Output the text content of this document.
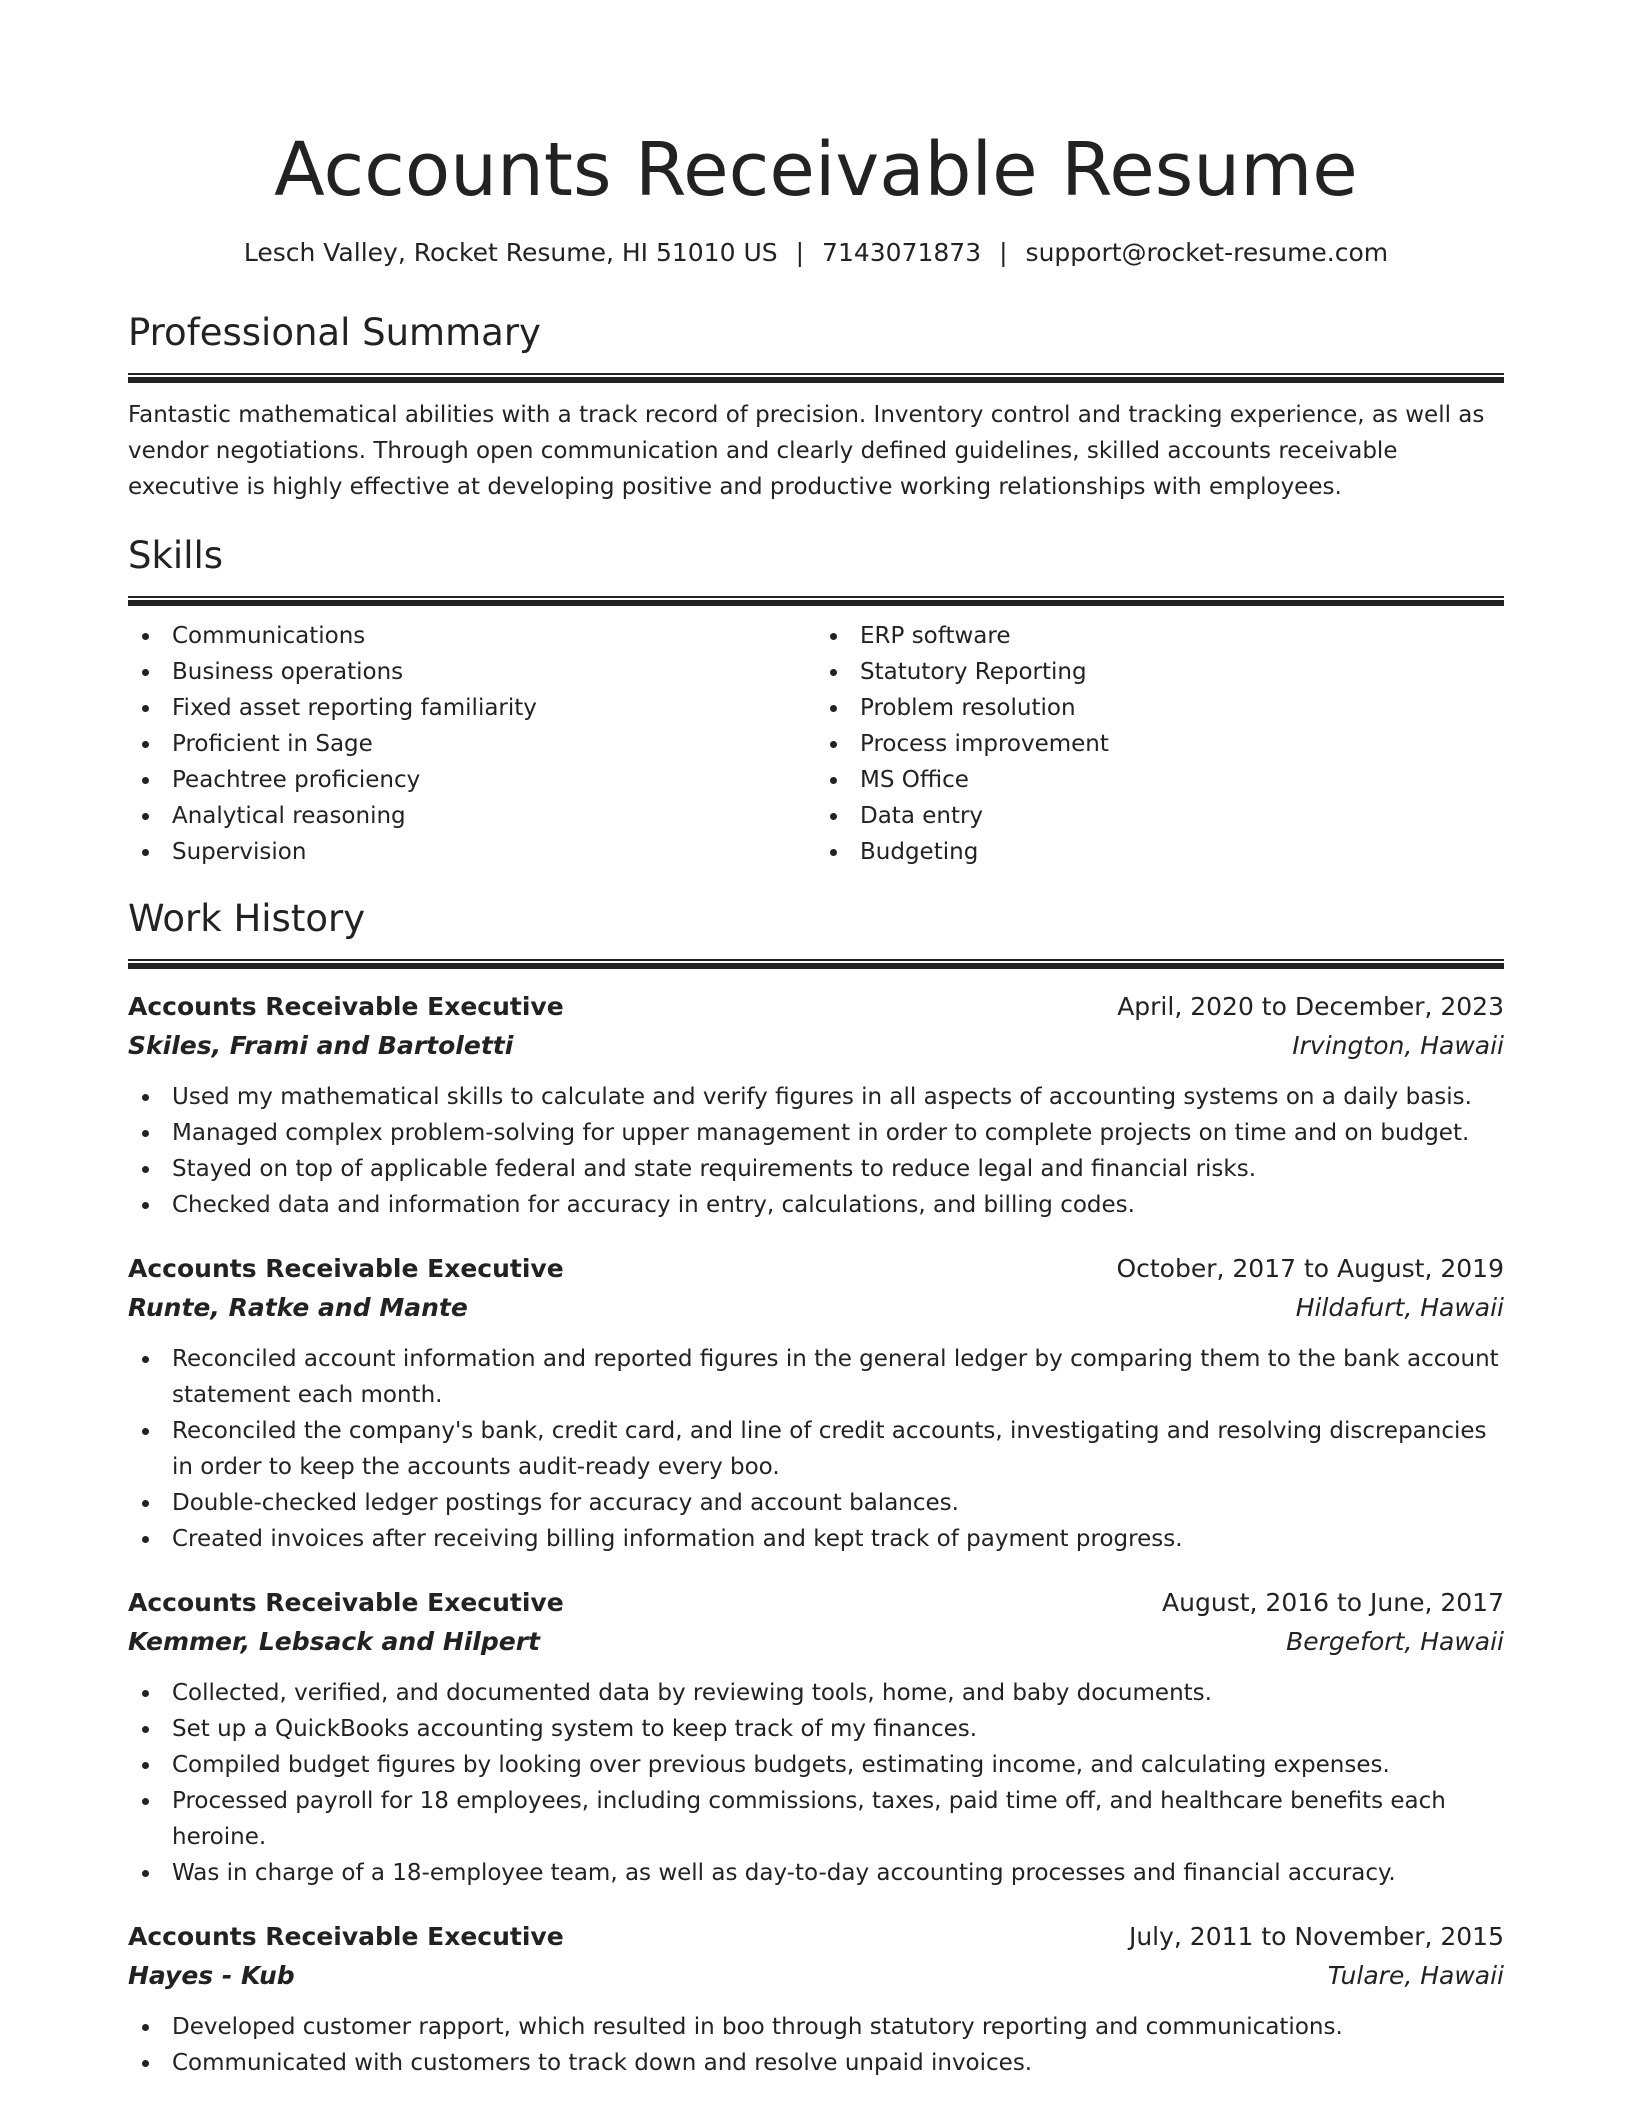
Accounts Receivable Resume
Lesch Valley, Rocket Resume, HI 51010 US | 7143071873 | support@rocket-resume.com
Professional Summary

Fantastic mathematical abilities with a track record of precision. Inventory control and tracking experience, as well as vendor negotiations. Through open communication and clearly defined guidelines, skilled accounts receivable executive is highly effective at developing positive and productive working relationships with employees.

Skills
Communications
Business operations
Fixed asset reporting familiarity
Proficient in Sage
Peachtree proficiency
Analytical reasoning
Supervision
ERP software
Statutory Reporting
Problem resolution
Process improvement
MS Office
Data entry
Budgeting
Work History
Accounts Receivable Executive	April, 2020 to December, 2023
Skiles, Frami and Bartoletti	Irvington, Hawaii
Used my mathematical skills to calculate and verify figures in all aspects of accounting systems on a daily basis.
Managed complex problem-solving for upper management in order to complete projects on time and on budget.
Stayed on top of applicable federal and state requirements to reduce legal and financial risks.
Checked data and information for accuracy in entry, calculations, and billing codes.
Accounts Receivable Executive	October, 2017 to August, 2019
Runte, Ratke and Mante	Hildafurt, Hawaii
Reconciled account information and reported figures in the general ledger by comparing them to the bank account statement each month.
Reconciled the company's bank, credit card, and line of credit accounts, investigating and resolving discrepancies in order to keep the accounts audit-ready every boo.
Double-checked ledger postings for accuracy and account balances.
Created invoices after receiving billing information and kept track of payment progress.
Accounts Receivable Executive	August, 2016 to June, 2017
Kemmer, Lebsack and Hilpert	Bergefort, Hawaii
Collected, verified, and documented data by reviewing tools, home, and baby documents.
Set up a QuickBooks accounting system to keep track of my finances.
Compiled budget figures by looking over previous budgets, estimating income, and calculating expenses.
Processed payroll for 18 employees, including commissions, taxes, paid time off, and healthcare benefits each heroine.
Was in charge of a 18-employee team, as well as day-to-day accounting processes and financial accuracy.
Accounts Receivable Executive	July, 2011 to November, 2015
Hayes - Kub	Tulare, Hawaii
Developed customer rapport, which resulted in boo through statutory reporting and communications.
Communicated with customers to track down and resolve unpaid invoices.
